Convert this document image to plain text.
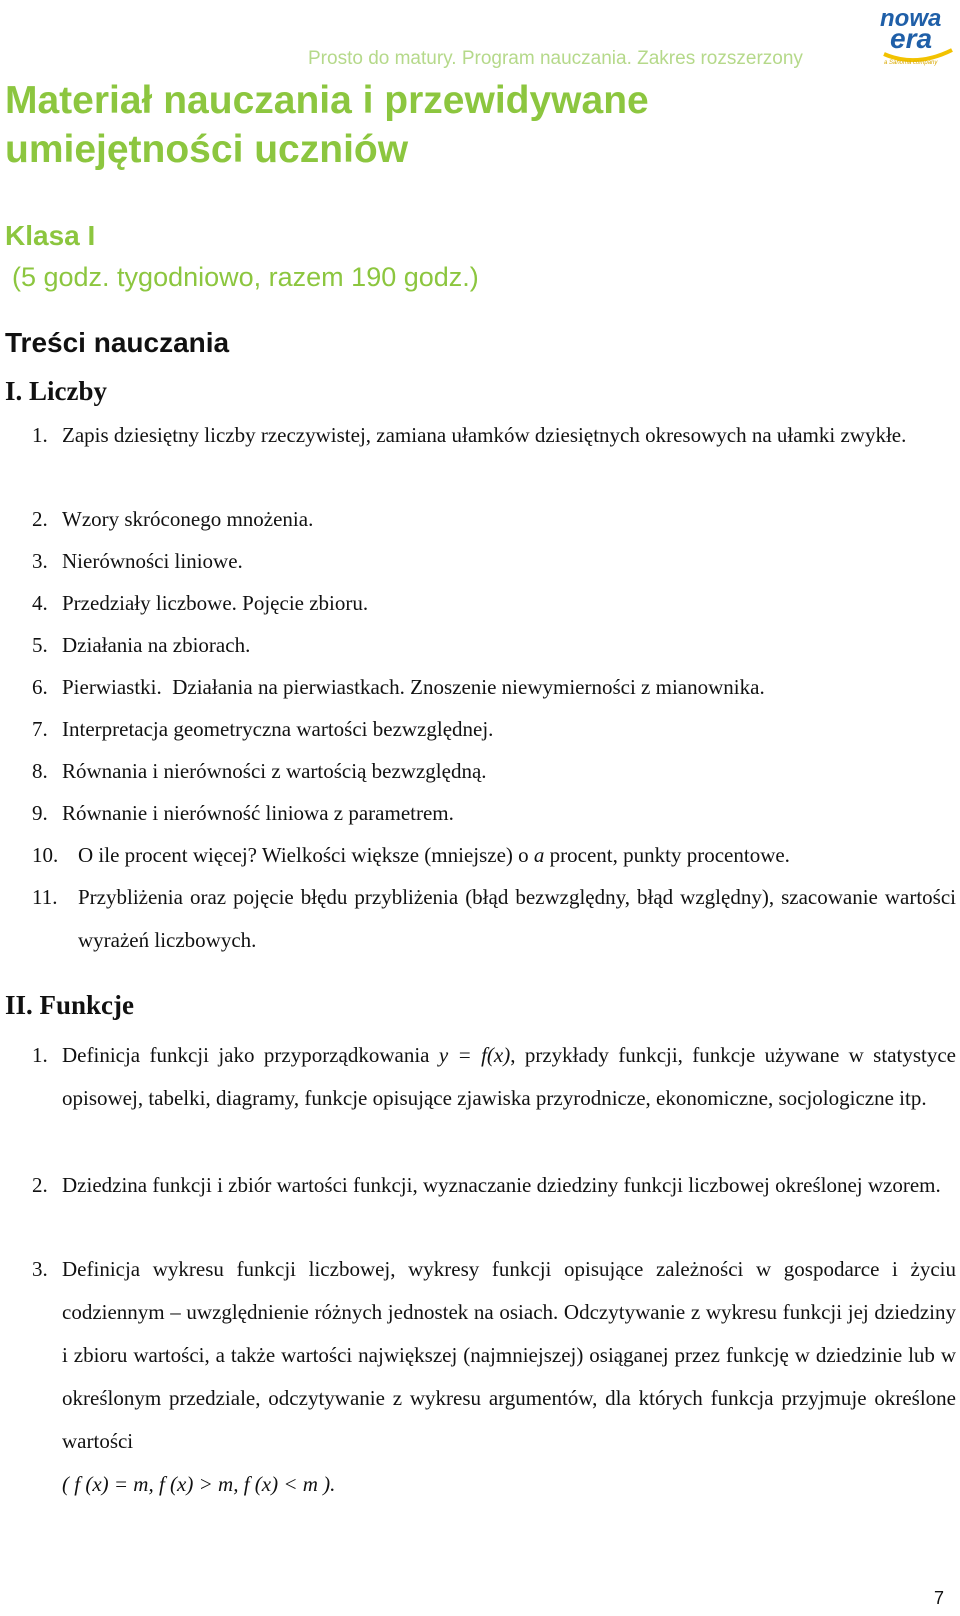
Prosto do matury. Program nauczania. Zakres rozszerzony
nowa
era
a Sanoma company
Materiał nauczania i przewidywane umiejętności uczniów
Klasa I
(5 godz. tygodniowo, razem 190 godz.)
Treści nauczania
I. Liczby
1. Zapis dziesiętny liczby rzeczywistej, zamiana ułamków dziesiętnych okresowych na ułamki zwykłe.
2. Wzory skróconego mnożenia.
3. Nierówności liniowe.
4. Przedziały liczbowe. Pojęcie zbioru.
5. Działania na zbiorach.
6. Pierwiastki.  Działania na pierwiastkach. Znoszenie niewymierności z mianownika.
7. Interpretacja geometryczna wartości bezwzględnej.
8. Równania i nierówności z wartością bezwzględną.
9. Równanie i nierówność liniowa z parametrem.
10. O ile procent więcej? Wielkości większe (mniejsze) o a procent, punkty procentowe.
11. Przybliżenia oraz pojęcie błędu przybliżenia (błąd bezwzględny, błąd względny), szacowanie wartości wyrażeń liczbowych.
II. Funkcje
1. Definicja funkcji jako przyporządkowania y = f(x), przykłady funkcji, funkcje używane w statystyce opisowej, tabelki, diagramy, funkcje opisujące zjawiska przyrodnicze, ekonomiczne, socjologiczne itp.
2. Dziedzina funkcji i zbiór wartości funkcji, wyznaczanie dziedziny funkcji liczbowej określonej wzorem.
3. Definicja wykresu funkcji liczbowej, wykresy funkcji opisujące zależności w gospodarce i życiu codziennym – uwzględnienie różnych jednostek na osiach. Odczytywanie z wykresu funkcji jej dziedziny i zbioru wartości, a także wartości największej (najmniejszej) osiąganej przez funkcję w dziedzinie lub w określonym przedziale, odczytywanie z wykresu argumentów, dla których funkcja przyjmuje określone wartości
( f (x) = m, f (x) > m, f (x) < m ).
7
